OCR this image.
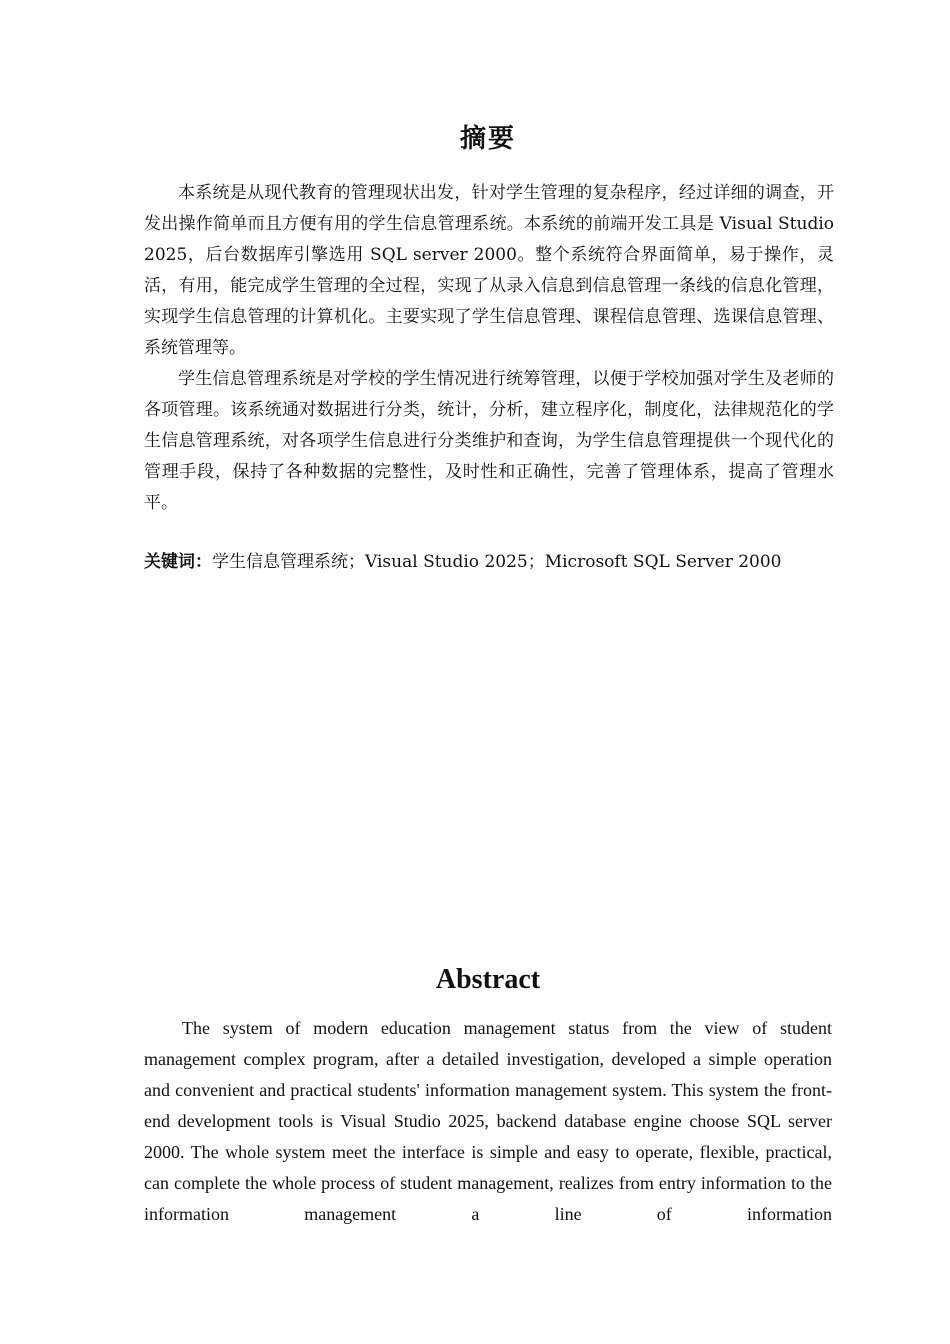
摘要

本系统是从现代教育的管理现状出发，针对学生管理的复杂程序，经过详细的调查，开发出操作简单而且方便有用的学生信息管理系统。本系统的前端开发工具是 Visual Studio 2025，后台数据库引擎选用 SQL server 2000。整个系统符合界面简单，易于操作，灵活，有用，能完成学生管理的全过程，实现了从录入信息到信息管理一条线的信息化管理，实现学生信息管理的计算机化。主要实现了学生信息管理、课程信息管理、选课信息管理、系统管理等。

学生信息管理系统是对学校的学生情况进行统筹管理，以便于学校加强对学生及老师的各项管理。该系统通对数据进行分类，统计，分析，建立程序化，制度化，法律规范化的学生信息管理系统，对各项学生信息进行分类维护和查询，为学生信息管理提供一个现代化的管理手段，保持了各种数据的完整性，及时性和正确性，完善了管理体系，提高了管理水平。

关键词：学生信息管理系统；Visual Studio 2025；Microsoft SQL Server 2000
Abstract

The system of modern education management status from the view of student management complex program, after a detailed investigation, developed a simple operation and convenient and practical students' information management system. This system the front-end development tools is Visual Studio 2025, backend database engine choose SQL server 2000. The whole system meet the interface is simple and easy to operate, flexible, practical, can complete the whole process of student management, realizes from entry information to the information management a line of information
